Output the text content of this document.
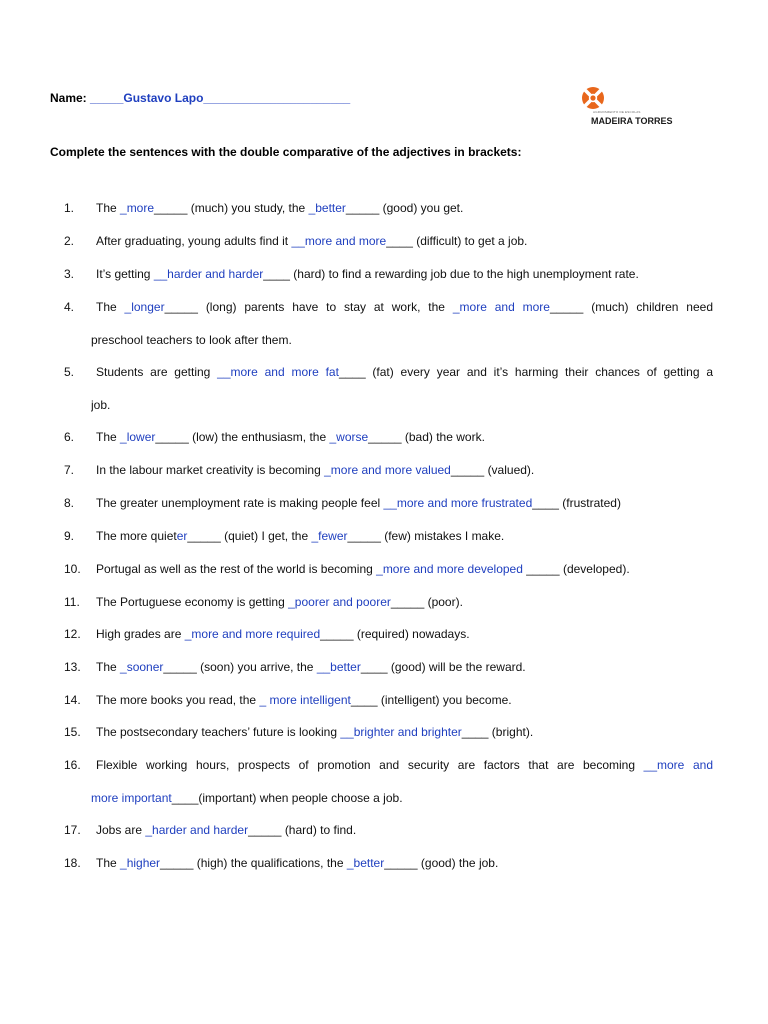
Name: _____Gustavo Lapo______________________
AGRUPAMENTO DE ESCOLAS
MADEIRA TORRES
Complete the sentences with the double comparative of the adjectives in brackets:
1. The _more_____ (much) you study, the _better_____ (good) you get.
2. After graduating, young adults find it __more and more____ (difficult) to get a job.
3. It’s getting __harder and harder____ (hard) to find a rewarding job due to the high unemployment rate.
4. The _longer_____ (long) parents have to stay at work, the _more and more_____ (much) children need
preschool teachers to look after them.
5. Students are getting __more and more fat____ (fat) every year and it’s harming their chances of getting a
job.
6. The _lower_____ (low) the enthusiasm, the _worse_____ (bad) the work.
7. In the labour market creativity is becoming _more and more valued_____ (valued).
8. The greater unemployment rate is making people feel __more and more frustrated____ (frustrated)
9. The more quieter_____ (quiet) I get, the _fewer_____ (few) mistakes I make.
10. Portugal as well as the rest of the world is becoming _more and more developed _____ (developed).
11. The Portuguese economy is getting _poorer and poorer_____ (poor).
12. High grades are _more and more required_____ (required) nowadays.
13. The _sooner_____ (soon) you arrive, the __better____ (good) will be the reward.
14. The more books you read, the _ more intelligent____ (intelligent) you become.
15. The postsecondary teachers’ future is looking __brighter and brighter____ (bright).
16. Flexible working hours, prospects of promotion and security are factors that are becoming __more and
more important____(important) when people choose a job.
17. Jobs are _harder and harder_____ (hard) to find.
18. The _higher_____ (high) the qualifications, the _better_____ (good) the job.
